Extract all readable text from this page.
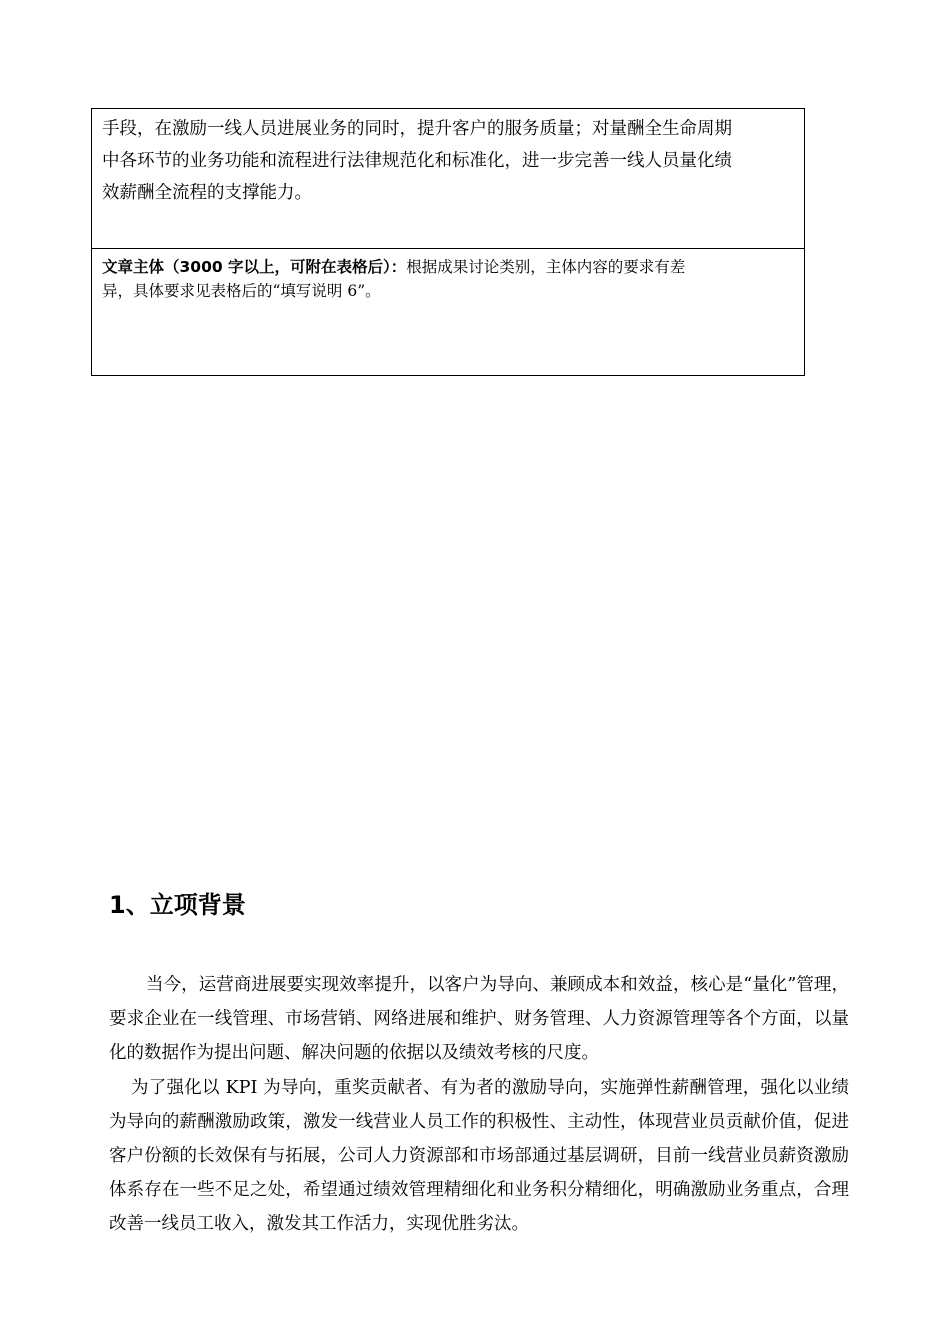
手段，在激励一线人员进展业务的同时，提升客户的服务质量；对量酬全生命周期

中各环节的业务功能和流程进行法律规范化和标准化，进一步完善一线人员量化绩

效薪酬全流程的支撑能力。

文章主体（3000 字以上，可附在表格后）：根据成果讨论类别，主体内容的要求有差

异，具体要求见表格后的“填写说明 6”。

1、立项背景

当今，运营商进展要实现效率提升，以客户为导向、兼顾成本和效益，核心是“量化”管理，要求企业在一线管理、市场营销、网络进展和维护、财务管理、人力资源管理等各个方面，以量化的数据作为提出问题、解决问题的依据以及绩效考核的尺度。

为了强化以 KPI 为导向，重奖贡献者、有为者的激励导向，实施弹性薪酬管理，强化以业绩为导向的薪酬激励政策，激发一线营业人员工作的积极性、主动性，体现营业员贡献价值，促进客户份额的长效保有与拓展，公司人力资源部和市场部通过基层调研，目前一线营业员薪资激励体系存在一些不足之处，希望通过绩效管理精细化和业务积分精细化，明确激励业务重点，合理改善一线员工收入，激发其工作活力，实现优胜劣汰。
